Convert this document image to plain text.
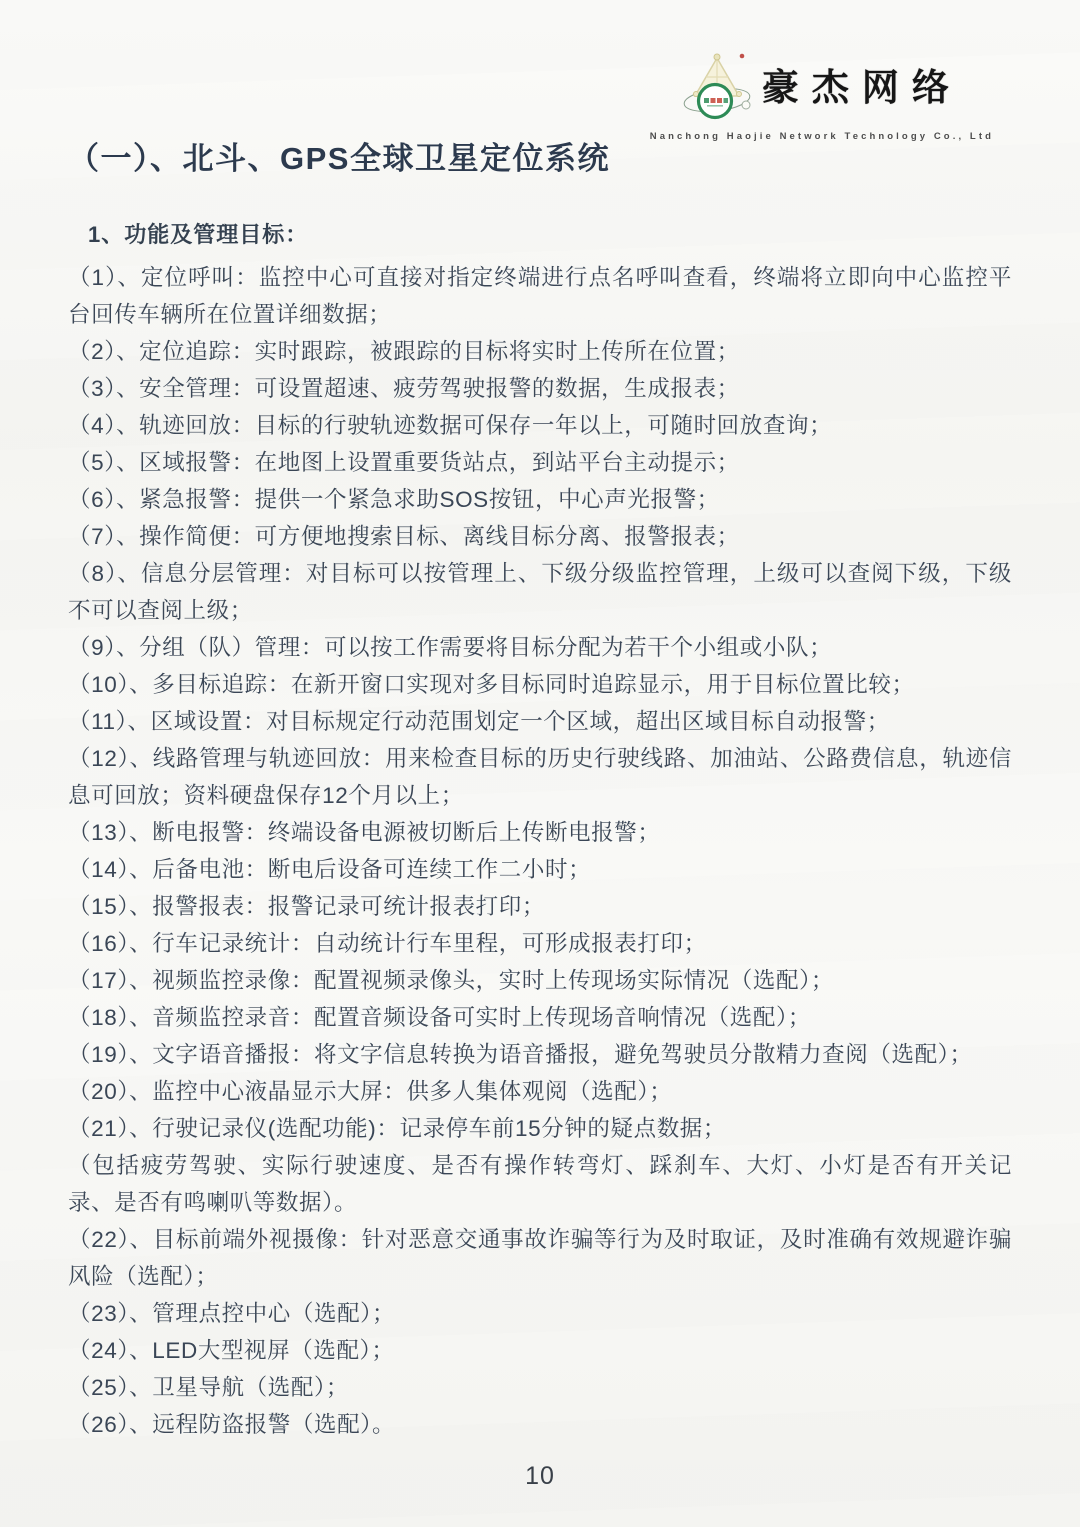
豪杰网络
Nanchong Haojie Network Technology Co., Ltd
（一）、北斗、GPS全球卫星定位系统
1、功能及管理目标：

（1）、定位呼叫：监控中心可直接对指定终端进行点名呼叫查看，终端将立即向中心监控平台回传车辆所在位置详细数据；

（2）、定位追踪：实时跟踪，被跟踪的目标将实时上传所在位置；

（3）、安全管理：可设置超速、疲劳驾驶报警的数据，生成报表；

（4）、轨迹回放：目标的行驶轨迹数据可保存一年以上，可随时回放查询；

（5）、区域报警：在地图上设置重要货站点，到站平台主动提示；

（6）、紧急报警：提供一个紧急求助SOS按钮，中心声光报警；

（7）、操作简便：可方便地搜索目标、离线目标分离、报警报表；

（8）、信息分层管理：对目标可以按管理上、下级分级监控管理，上级可以查阅下级，下级不可以查阅上级；

（9）、分组（队）管理：可以按工作需要将目标分配为若干个小组或小队；

（10）、多目标追踪：在新开窗口实现对多目标同时追踪显示，用于目标位置比较；

（11）、区域设置：对目标规定行动范围划定一个区域，超出区域目标自动报警；

（12）、线路管理与轨迹回放：用来检查目标的历史行驶线路、加油站、公路费信息，轨迹信息可回放；资料硬盘保存12个月以上；

（13）、断电报警：终端设备电源被切断后上传断电报警；

（14）、后备电池：断电后设备可连续工作二小时；

（15）、报警报表：报警记录可统计报表打印；

（16）、行车记录统计：自动统计行车里程，可形成报表打印；

（17）、视频监控录像：配置视频录像头，实时上传现场实际情况（选配）；

（18）、音频监控录音：配置音频设备可实时上传现场音响情况（选配）；

（19）、文字语音播报：将文字信息转换为语音播报，避免驾驶员分散精力查阅（选配）；

（20）、监控中心液晶显示大屏：供多人集体观阅（选配）；

（21）、行驶记录仪(选配功能)：记录停车前15分钟的疑点数据；

（包括疲劳驾驶、实际行驶速度、是否有操作转弯灯、踩刹车、大灯、小灯是否有开关记录、是否有鸣喇叭等数据）。

（22）、目标前端外视摄像：针对恶意交通事故诈骗等行为及时取证，及时准确有效规避诈骗风险（选配）；

（23）、管理点控中心（选配）；

（24）、LED大型视屏（选配）；

（25）、卫星导航（选配）；

（26）、远程防盗报警（选配）。

10
